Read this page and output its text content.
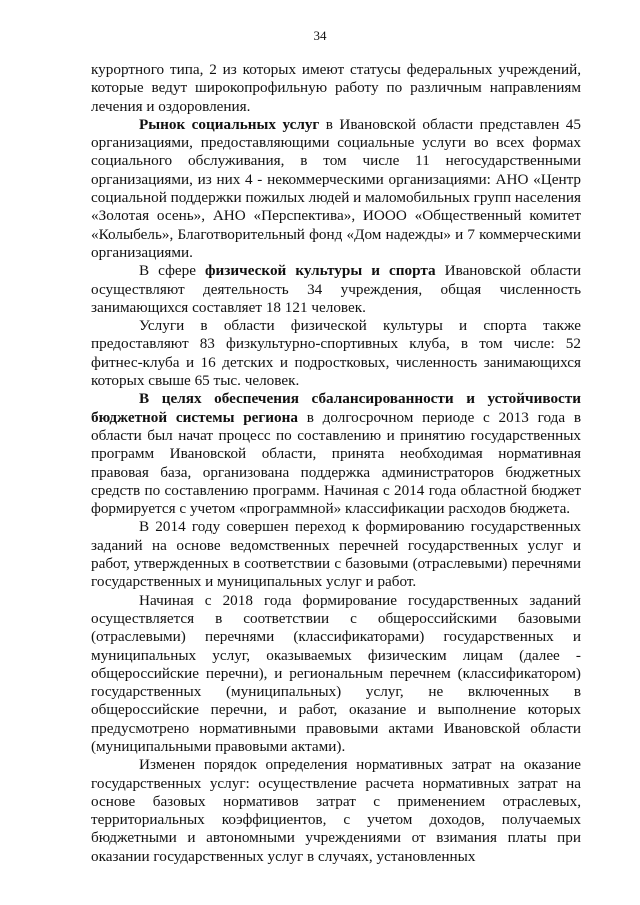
34

курортного типа, 2 из которых имеют статусы федеральных учреждений, которые ведут широкопрофильную работу по различным направлениям лечения и оздоровления.

Рынок социальных услуг в Ивановской области представлен 45 организациями, предоставляющими социальные услуги во всех формах социального обслуживания, в том числе 11 негосударственными организациями, из них 4 - некоммерческими организациями: АНО «Центр социальной поддержки пожилых людей и маломобильных групп населения «Золотая осень», АНО «Перспектива», ИООО «Общественный комитет «Колыбель», Благотворительный фонд «Дом надежды» и 7 коммерческими организациями.

В сфере физической культуры и спорта Ивановской области осуществляют деятельность 34 учреждения, общая численность занимающихся составляет 18 121 человек.

Услуги в области физической культуры и спорта также предоставляют 83 физкультурно-спортивных клуба, в том числе: 52 фитнес-клуба и 16 детских и подростковых, численность занимающихся которых свыше 65 тыс. человек.

В целях обеспечения сбалансированности и устойчивости бюджетной системы региона в долгосрочном периоде с 2013 года в области был начат процесс по составлению и принятию государственных программ Ивановской области, принята необходимая нормативная правовая база, организована поддержка администраторов бюджетных средств по составлению программ. Начиная с 2014 года областной бюджет формируется с учетом «программной» классификации расходов бюджета.

В 2014 году совершен переход к формированию государственных заданий на основе ведомственных перечней государственных услуг и работ, утвержденных в соответствии с базовыми (отраслевыми) перечнями государственных и муниципальных услуг и работ.

Начиная с 2018 года формирование государственных заданий осуществляется в соответствии с общероссийскими базовыми (отраслевыми) перечнями (классификаторами) государственных и муниципальных услуг, оказываемых физическим лицам (далее - общероссийские перечни), и региональным перечнем (классификатором) государственных (муниципальных) услуг, не включенных в общероссийские перечни, и работ, оказание и выполнение которых предусмотрено нормативными правовыми актами Ивановской области (муниципальными правовыми актами).

Изменен порядок определения нормативных затрат на оказание государственных услуг: осуществление расчета нормативных затрат на основе базовых нормативов затрат с применением отраслевых, территориальных коэффициентов, с учетом доходов, получаемых бюджетными и автономными учреждениями от взимания платы при оказании государственных услуг в случаях, установленных
